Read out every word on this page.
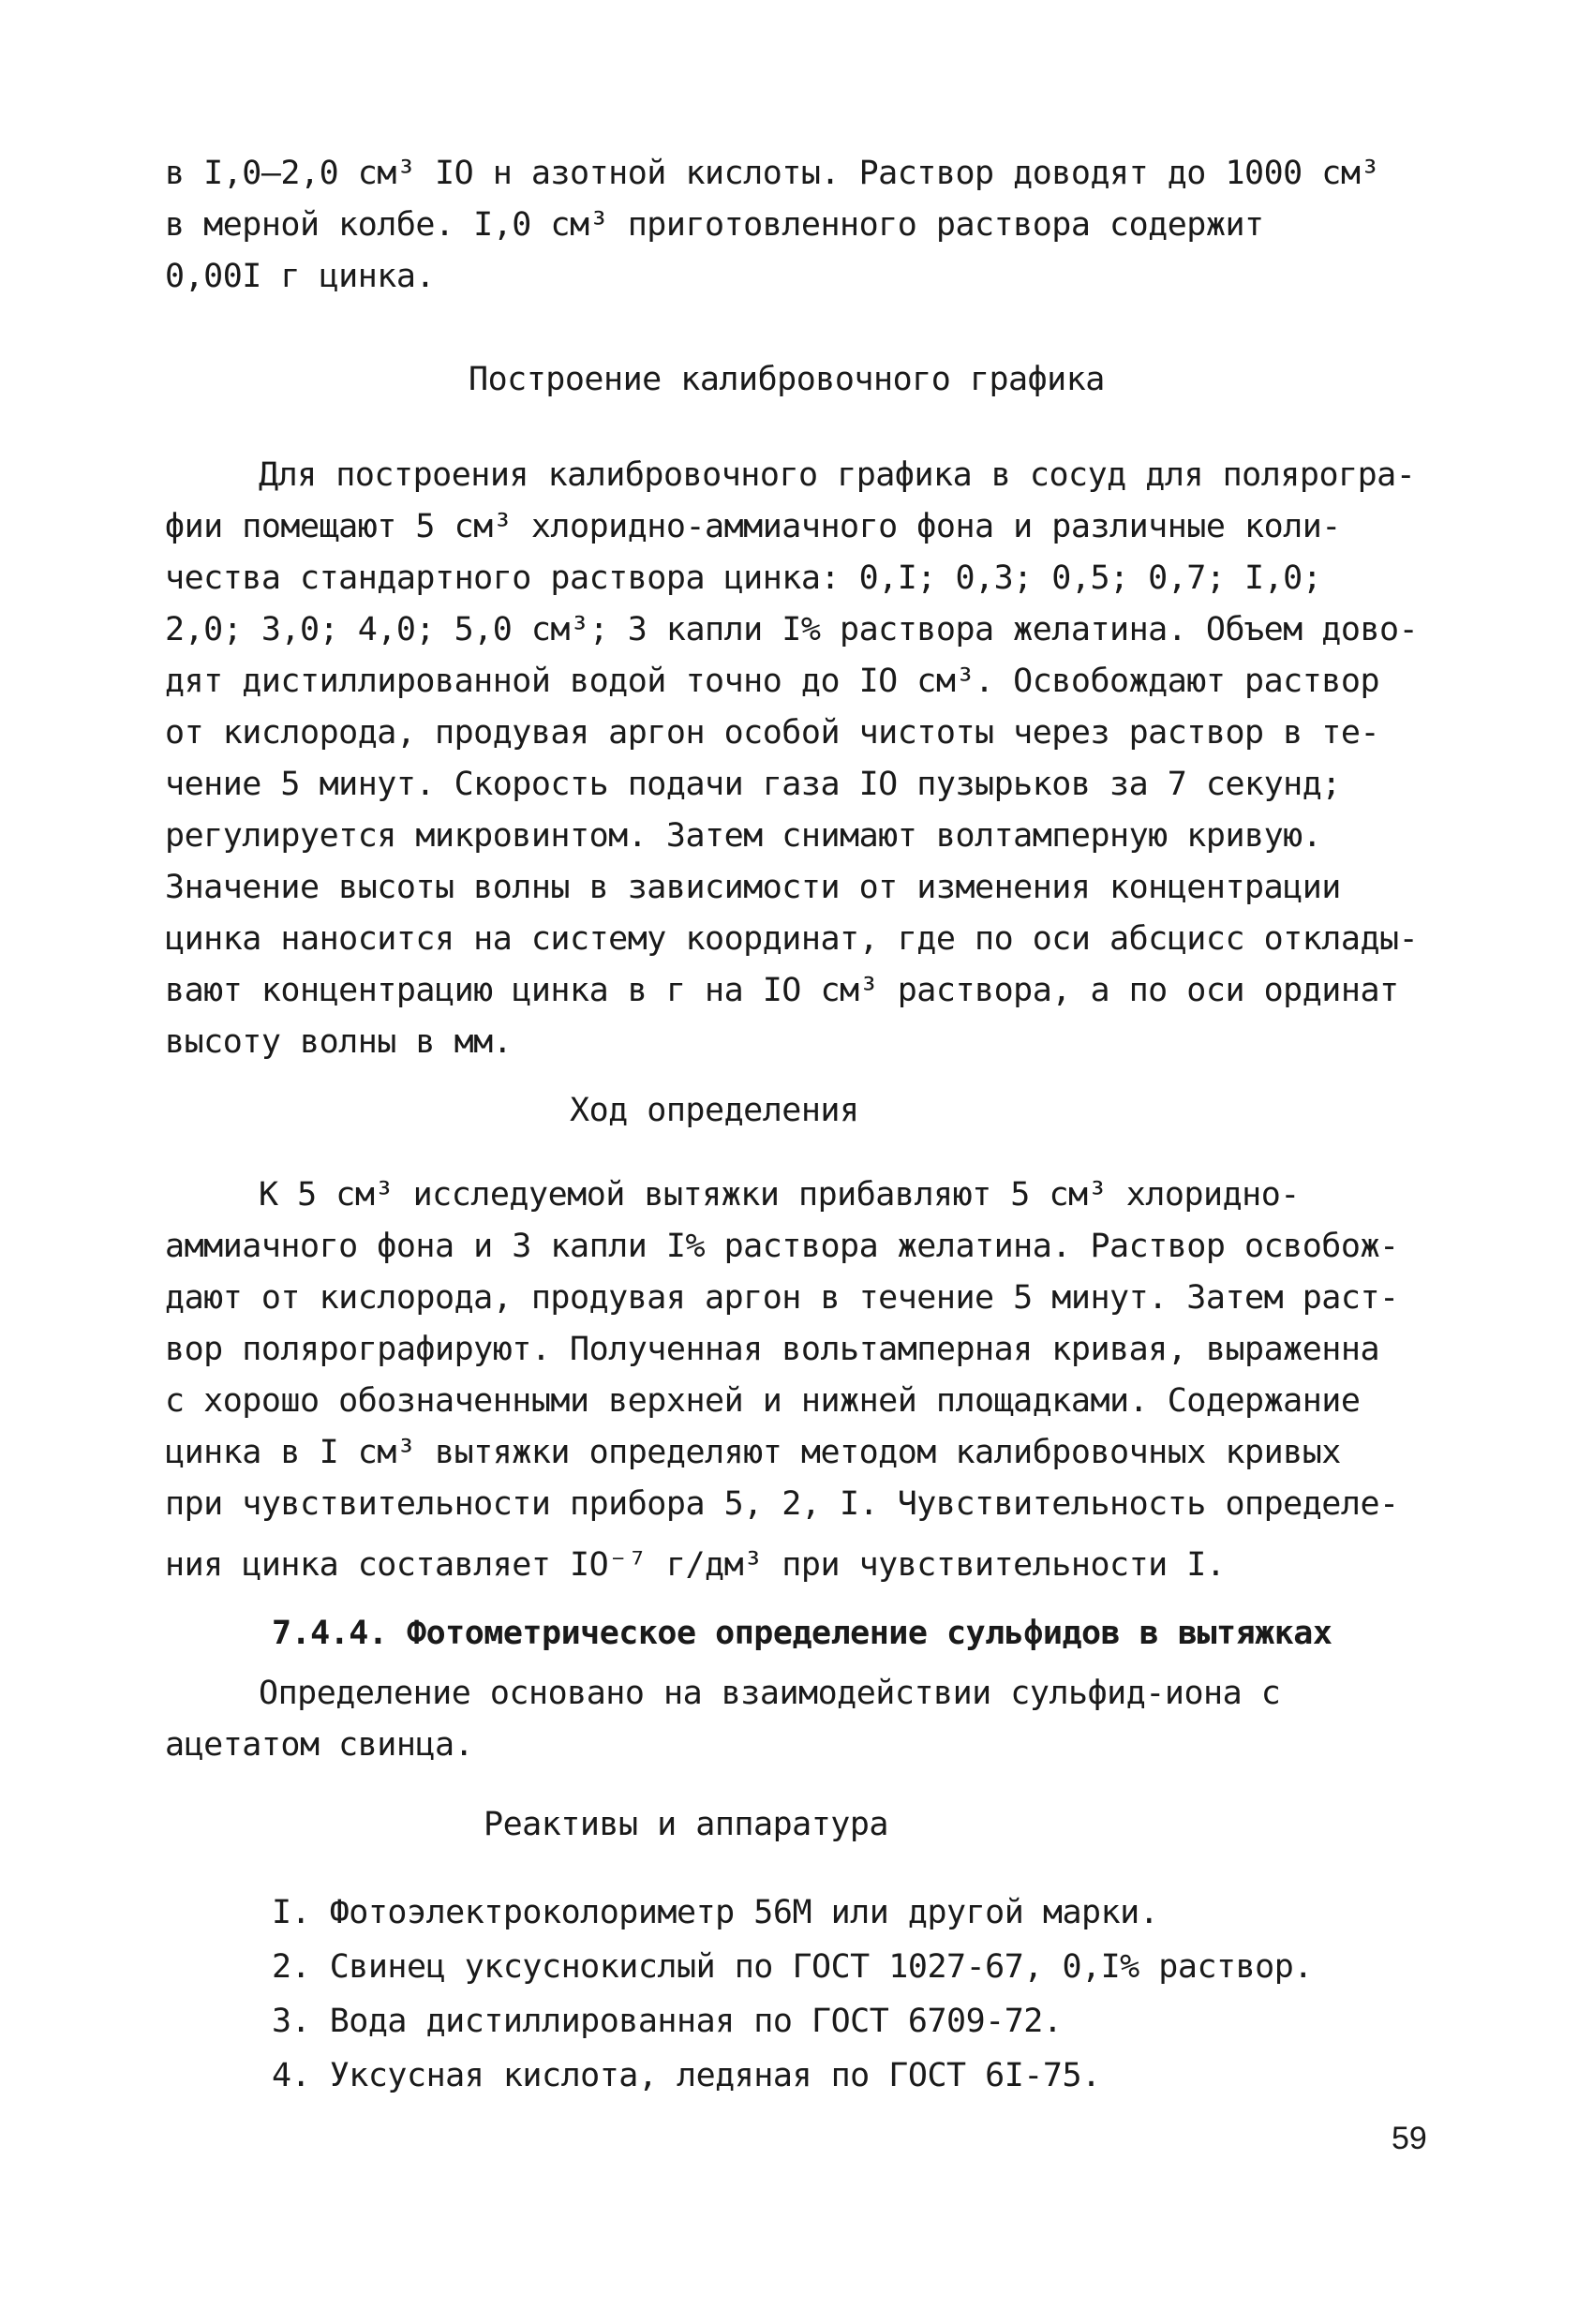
в I,0–2,0 см³ IO н азотной кислоты. Раствор доводят до 1000 см³
в мерной колбе. I,0 см³ приготовленного раствора содержит
0,00I г цинка.
Построение калибровочного графика
Для построения калибровочного графика в сосуд для полярогра-
фии помещают 5 см³ хлоридно-аммиачного фона и различные коли-
чества стандартного раствора цинка: 0,I; 0,3; 0,5; 0,7; I,0;
2,0; 3,0; 4,0; 5,0 см³; 3 капли I% раствора желатина. Объем дово-
дят дистиллированной водой точно до IO см³. Освобождают раствор
от кислорода, продувая аргон особой чистоты через раствор в те-
чение 5 минут. Скорость подачи газа IO пузырьков за 7 секунд;
регулируется микровинтом. Затем снимают волтамперную кривую.
Значение высоты волны в зависимости от изменения концентрации
цинка наносится на систему координат, где по оси абсцисс отклады-
вают концентрацию цинка в г на IO см³ раствора, а по оси ординат
высоту волны в мм.
Ход определения
К 5 см³ исследуемой вытяжки прибавляют 5 см³ хлоридно-
аммиачного фона и 3 капли I% раствора желатина. Раствор освобож-
дают от кислорода, продувая аргон в течение 5 минут. Затем раст-
вор полярографируют. Полученная вольтамперная кривая, выраженна
с хорошо обозначенными верхней и нижней площадками. Содержание
цинка в I см³ вытяжки определяют методом калибровочных кривых
при чувствительности прибора 5, 2, I. Чувствительность определе-
ния цинка составляет IO⁻⁷ г/дм³ при чувствительности I.
7.4.4. Фотометрическое определение сульфидов в вытяжках
Определение основано на взаимодействии сульфид-иона с
ацетатом свинца.
Реактивы и аппаратура
I. Фотоэлектроколориметр 56М или другой марки.
2. Свинец уксуснокислый по ГОСТ 1027-67, 0,I% раствор.
3. Вода дистиллированная по ГОСТ 6709-72.
4. Уксусная кислота, ледяная по ГОСТ 6I-75.
59
